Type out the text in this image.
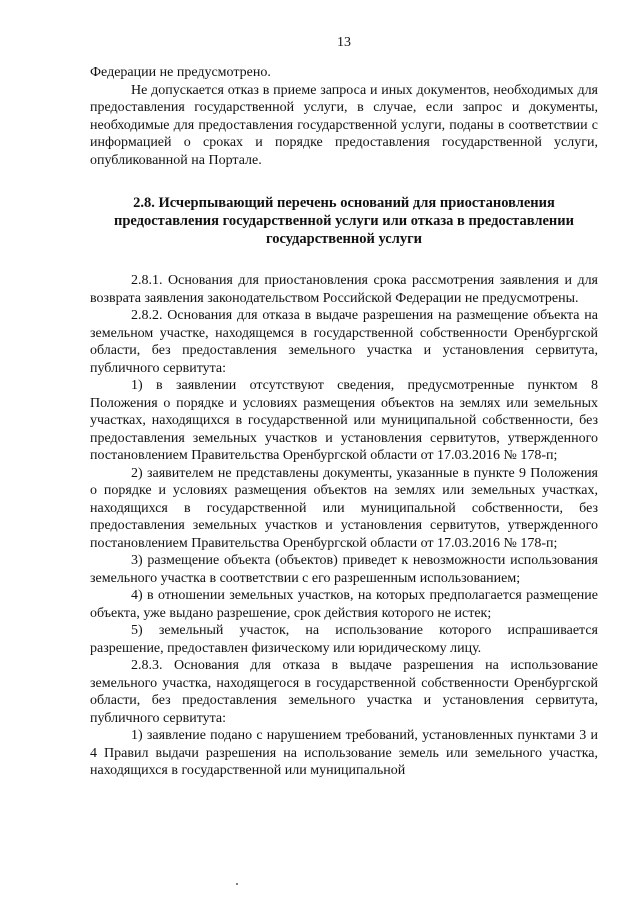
13

Федерации не предусмотрено.

Не допускается отказ в приеме запроса и иных документов, необходимых для предоставления государственной услуги, в случае, если запрос и документы, необходимые для предоставления государственной услуги, поданы в соответствии с информацией о сроках и порядке предоставления государственной услуги, опубликованной на Портале.

2.8. Исчерпывающий перечень оснований для приостановления
предоставления государственной услуги или отказа в предоставлении
государственной услуги

2.8.1. Основания для приостановления срока рассмотрения заявления и для возврата заявления законодательством Российской Федерации не предусмотрены.

2.8.2. Основания для отказа в выдаче разрешения на размещение объекта на земельном участке, находящемся в государственной собственности Оренбургской области, без предоставления земельного участка и установления сервитута, публичного сервитута:

1) в заявлении отсутствуют сведения, предусмотренные пунктом 8 Положения о порядке и условиях размещения объектов на землях или земельных участках, находящихся в государственной или муниципальной собственности, без предоставления земельных участков и установления сервитутов, утвержденного постановлением Правительства Оренбургской области от 17.03.2016 № 178-п;

2) заявителем не представлены документы, указанные в пункте 9 Положения о порядке и условиях размещения объектов на землях или земельных участках, находящихся в государственной или муниципальной собственности, без предоставления земельных участков и установления сервитутов, утвержденного постановлением Правительства Оренбургской области от 17.03.2016 № 178-п;

3) размещение объекта (объектов) приведет к невозможности использования земельного участка в соответствии с его разрешенным использованием;

4) в отношении земельных участков, на которых предполагается размещение объекта, уже выдано разрешение, срок действия которого не истек;

5) земельный участок, на использование которого испрашивается разрешение, предоставлен физическому или юридическому лицу.

2.8.3. Основания для отказа в выдаче разрешения на использование земельного участка, находящегося в государственной собственности Оренбургской области, без предоставления земельного участка и установления сервитута, публичного сервитута:

1) заявление подано с нарушением требований, установленных пунктами 3 и 4 Правил выдачи разрешения на использование земель или земельного участка, находящихся в государственной или муниципальной
